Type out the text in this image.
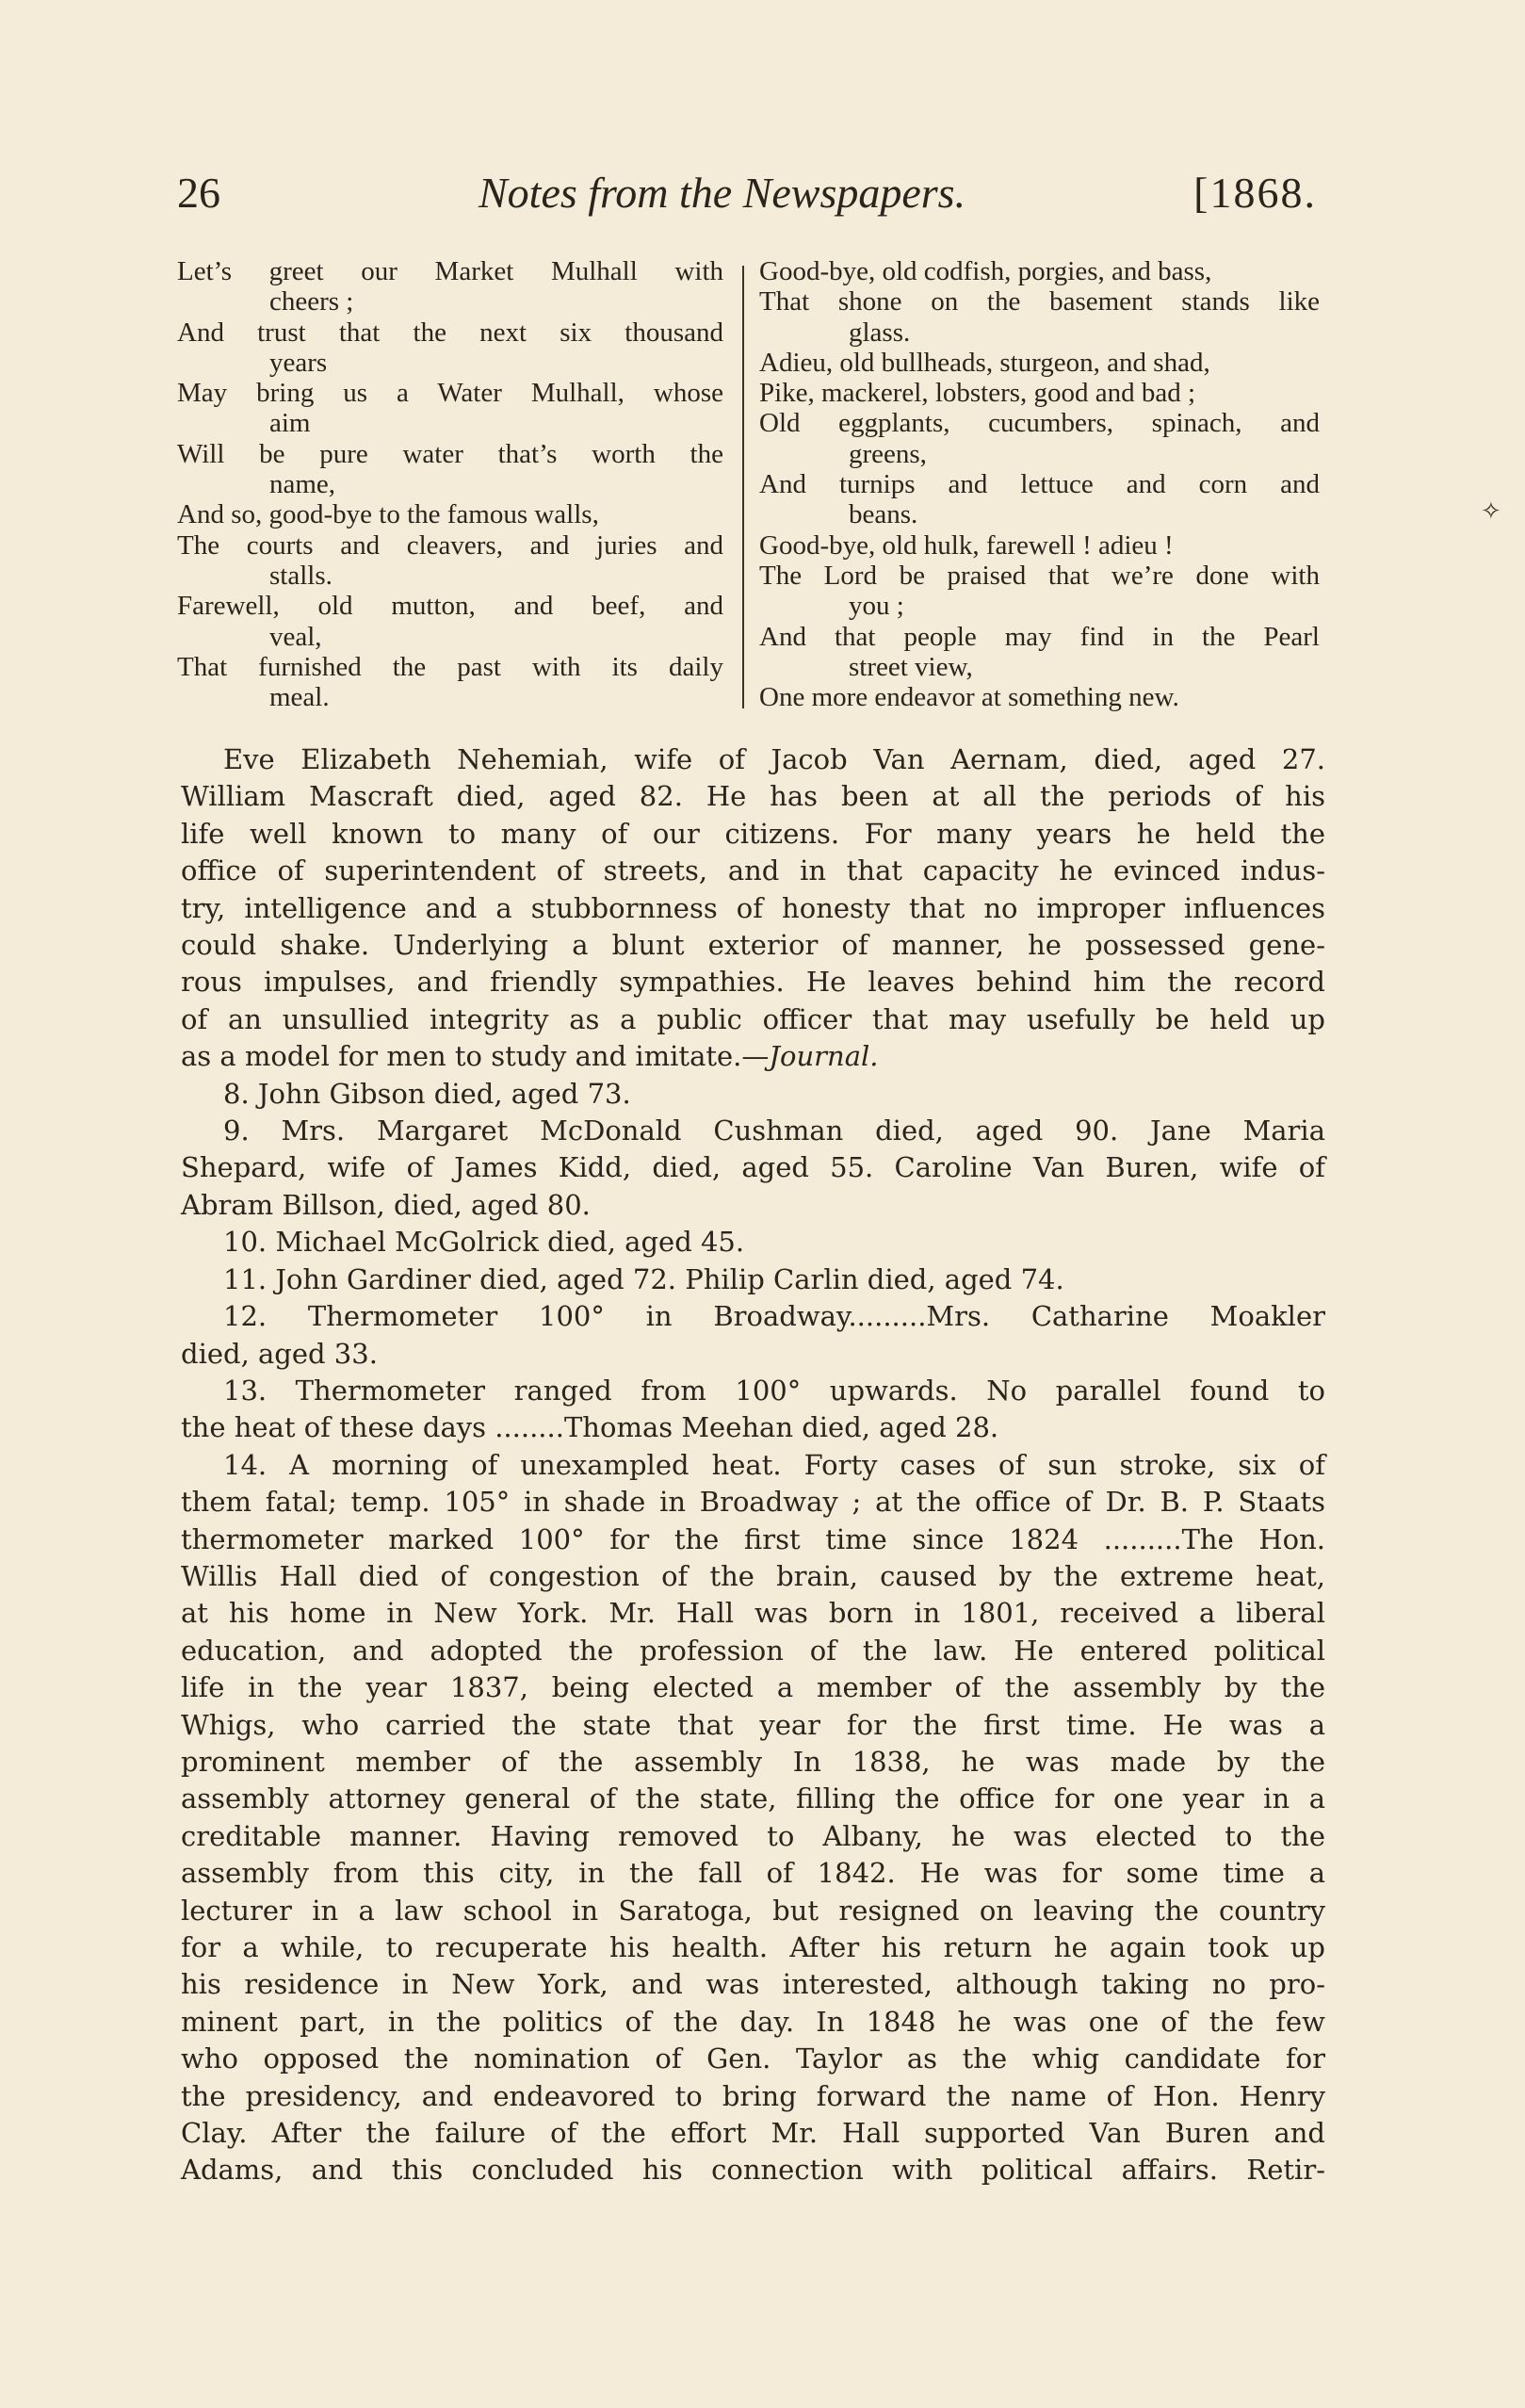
26	Notes from the Newspapers.	[1868.
Let’s greet our Market Mulhall with
cheers ;
And trust that the next six thousand
years
May bring us a Water Mulhall, whose
aim
Will be pure water that’s worth the
name,
And so, good-bye to the famous walls,
The courts and cleavers, and juries and
stalls.
Farewell, old mutton, and beef, and
veal,
That furnished the past with its daily
meal.
Good-bye, old codfish, porgies, and bass,
That shone on the basement stands like
glass.
Adieu, old bullheads, sturgeon, and shad,
Pike, mackerel, lobsters, good and bad ;
Old eggplants, cucumbers, spinach, and
greens,
And turnips and lettuce and corn and
beans.
Good-bye, old hulk, farewell ! adieu !
The Lord be praised that we’re done with
you ;
And that people may find in the Pearl
street view,
One more endeavor at something new.
✧
Eve Elizabeth Nehemiah, wife of Jacob Van Aernam, died, aged 27.
William Mascraft died, aged 82. He has been at all the periods of his
life well known to many of our citizens. For many years he held the
office of superintendent of streets, and in that capacity he evinced indus-
try, intelligence and a stubbornness of honesty that no improper influences
could shake. Underlying a blunt exterior of manner, he possessed gene-
rous impulses, and friendly sympathies. He leaves behind him the record
of an unsullied integrity as a public officer that may usefully be held up
as a model for men to study and imitate.—Journal.
8. John Gibson died, aged 73.
9. Mrs. Margaret McDonald Cushman died, aged 90. Jane Maria
Shepard, wife of James Kidd, died, aged 55. Caroline Van Buren, wife of
Abram Billson, died, aged 80.
10. Michael McGolrick died, aged 45.
11. John Gardiner died, aged 72. Philip Carlin died, aged 74.
12. Thermometer 100° in Broadway.........Mrs. Catharine Moakler
died, aged 33.
13. Thermometer ranged from 100° upwards. No parallel found to
the heat of these days ........Thomas Meehan died, aged 28.
14. A morning of unexampled heat. Forty cases of sun stroke, six of
them fatal; temp. 105° in shade in Broadway ; at the office of Dr. B. P. Staats
thermometer marked 100° for the first time since 1824 .........The Hon.
Willis Hall died of congestion of the brain, caused by the extreme heat,
at his home in New York. Mr. Hall was born in 1801, received a liberal
education, and adopted the profession of the law. He entered political
life in the year 1837, being elected a member of the assembly by the
Whigs, who carried the state that year for the first time. He was a
prominent member of the assembly In 1838, he was made by the
assembly attorney general of the state, filling the office for one year in a
creditable manner. Having removed to Albany, he was elected to the
assembly from this city, in the fall of 1842. He was for some time a
lecturer in a law school in Saratoga, but resigned on leaving the country
for a while, to recuperate his health. After his return he again took up
his residence in New York, and was interested, although taking no pro-
minent part, in the politics of the day. In 1848 he was one of the few
who opposed the nomination of Gen. Taylor as the whig candidate for
the presidency, and endeavored to bring forward the name of Hon. Henry
Clay. After the failure of the effort Mr. Hall supported Van Buren and
Adams, and this concluded his connection with political affairs. Retir-
